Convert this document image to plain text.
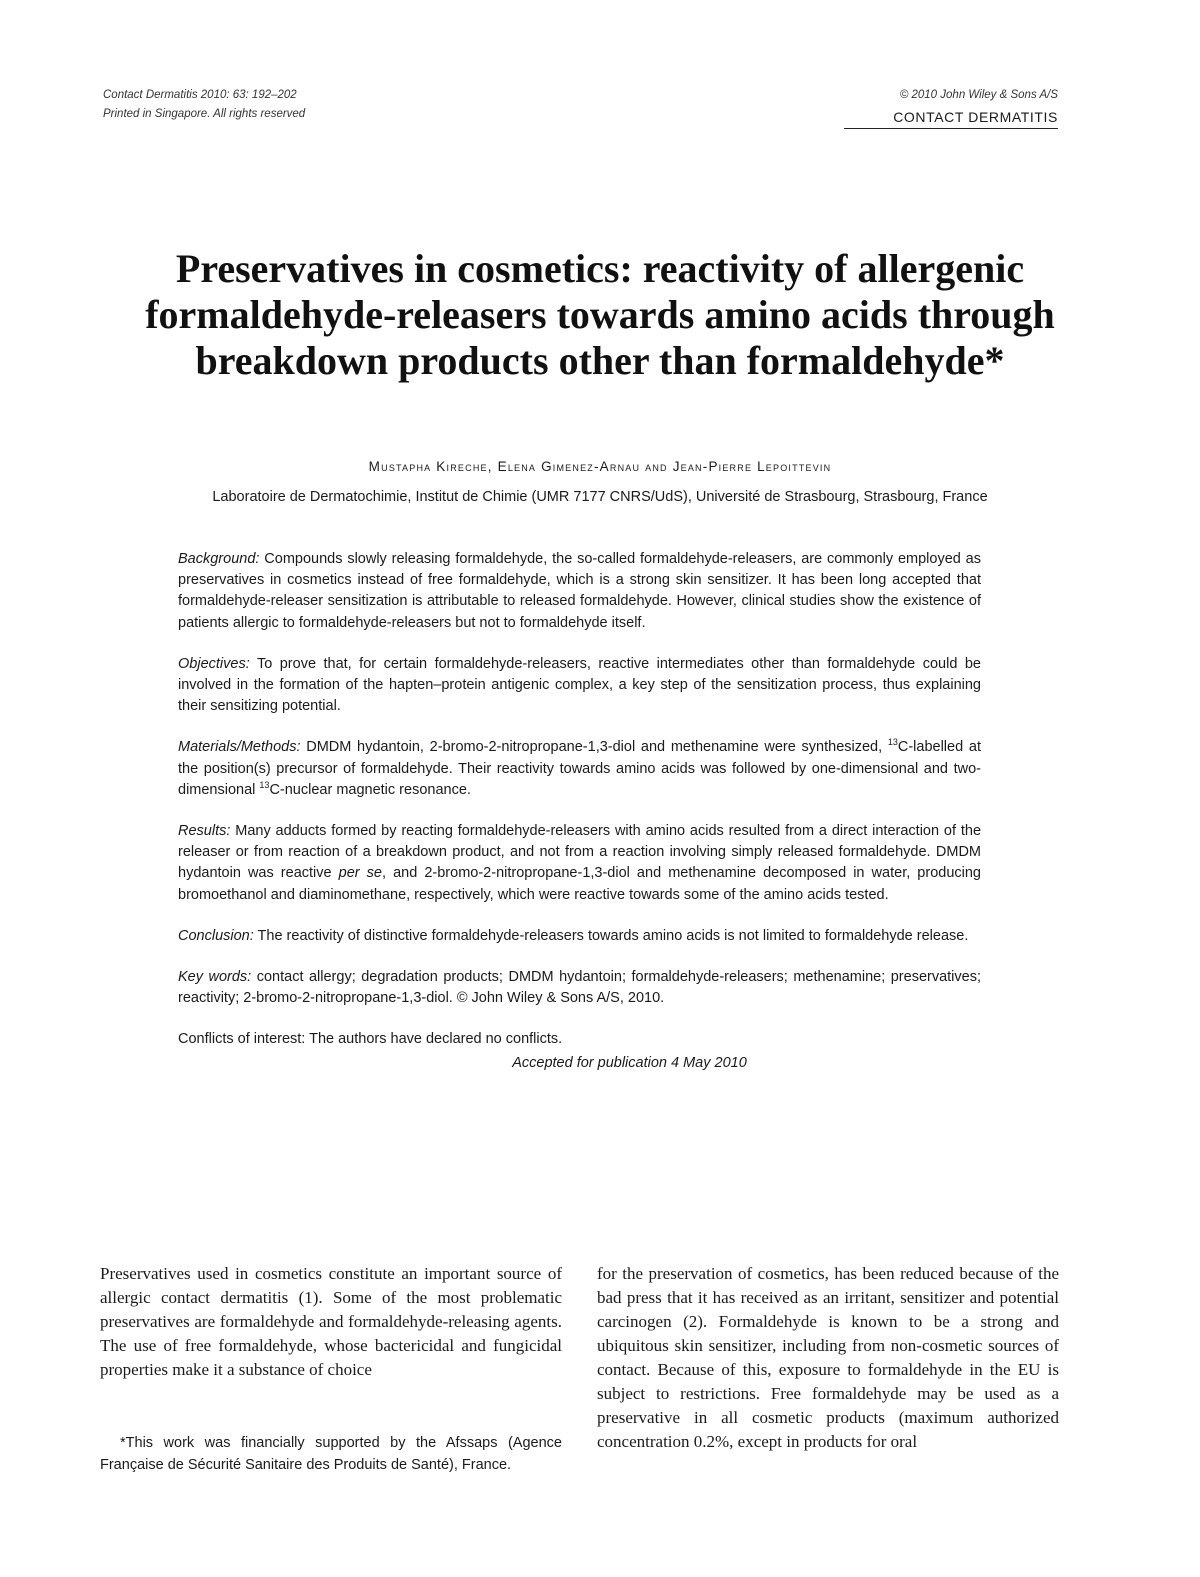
Contact Dermatitis 2010: 63: 192–202
Printed in Singapore. All rights reserved
© 2010 John Wiley & Sons A/S
CONTACT DERMATITIS
Preservatives in cosmetics: reactivity of allergenic formaldehyde-releasers towards amino acids through breakdown products other than formaldehyde*
Mustapha Kireche, Elena Gimenez-Arnau and Jean-Pierre Lepoittevin
Laboratoire de Dermatochimie, Institut de Chimie (UMR 7177 CNRS/UdS), Université de Strasbourg, Strasbourg, France

Background: Compounds slowly releasing formaldehyde, the so-called formaldehyde-releasers, are commonly employed as preservatives in cosmetics instead of free formaldehyde, which is a strong skin sensitizer. It has been long accepted that formaldehyde-releaser sensitization is attributable to released formaldehyde. However, clinical studies show the existence of patients allergic to formaldehyde-releasers but not to formaldehyde itself.

Objectives: To prove that, for certain formaldehyde-releasers, reactive intermediates other than formaldehyde could be involved in the formation of the hapten–protein antigenic complex, a key step of the sensitization process, thus explaining their sensitizing potential.

Materials/Methods: DMDM hydantoin, 2-bromo-2-nitropropane-1,3-diol and methenamine were synthesized, $^{13}$C-labelled at the position(s) precursor of formaldehyde. Their reactivity towards amino acids was followed by one-dimensional and two-dimensional $^{13}$C-nuclear magnetic resonance.

Results: Many adducts formed by reacting formaldehyde-releasers with amino acids resulted from a direct interaction of the releaser or from reaction of a breakdown product, and not from a reaction involving simply released formaldehyde. DMDM hydantoin was reactive per se, and 2-bromo-2-nitropropane-1,3-diol and methenamine decomposed in water, producing bromoethanol and diaminomethane, respectively, which were reactive towards some of the amino acids tested.

Conclusion: The reactivity of distinctive formaldehyde-releasers towards amino acids is not limited to formaldehyde release.

Key words: contact allergy; degradation products; DMDM hydantoin; formaldehyde-releasers; methenamine; preservatives; reactivity; 2-bromo-2-nitropropane-1,3-diol. © John Wiley & Sons A/S, 2010.

Conflicts of interest: The authors have declared no conflicts.

Accepted for publication 4 May 2010

Preservatives used in cosmetics constitute an important source of allergic contact dermatitis (1). Some of the most problematic preservatives are formaldehyde and formaldehyde-releasing agents. The use of free formaldehyde, whose bactericidal and fungicidal properties make it a substance of choice

*This work was financially supported by the Afssaps (Agence Française de Sécurité Sanitaire des Produits de Santé), France.

for the preservation of cosmetics, has been reduced because of the bad press that it has received as an irritant, sensitizer and potential carcinogen (2). Formaldehyde is known to be a strong and ubiquitous skin sensitizer, including from non-cosmetic sources of contact. Because of this, exposure to formaldehyde in the EU is subject to restrictions. Free formaldehyde may be used as a preservative in all cosmetic products (maximum authorized concentration 0.2%, except in products for oral
